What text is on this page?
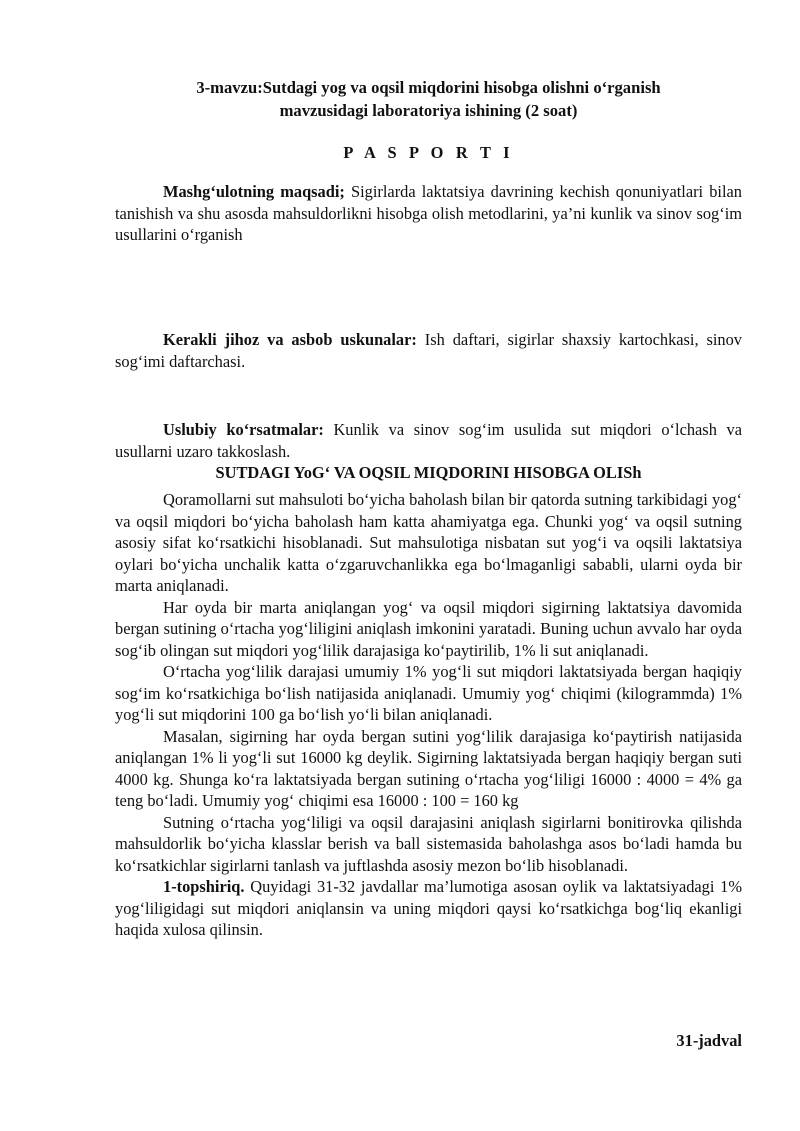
3-mavzu:Sutdagi yog va oqsil miqdorini hisobga olishni o‘rganish
mavzusidagi laboratoriya ishining (2 soat)
P A S P O R T I

Mashg‘ulotning maqsadi; Sigirlarda laktatsiya davrining kechish qonuniyatlari bilan tanishish va shu asosda mahsuldorlikni hisobga olish metodlarini, ya’ni kunlik va sinov sog‘im usullarini o‘rganish

Kerakli jihoz va asbob uskunalar: Ish daftari, sigirlar shaxsiy kartochkasi, sinov sog‘imi daftarchasi.

Uslubiy ko‘rsatmalar: Kunlik va sinov sog‘im usulida sut miqdori o‘lchash va usullarni uzaro takkoslash.

SUTDAGI YoG‘ VA OQSIL MIQDORINI HISOBGA OLISh

Qoramollarni sut mahsuloti bo‘yicha baholash bilan bir qatorda sutning tarkibidagi yog‘ va oqsil miqdori bo‘yicha baholash ham katta ahamiyatga ega. Chunki yog‘ va oqsil sutning asosiy sifat ko‘rsatkichi hisoblanadi. Sut mahsulotiga nisbatan sut yog‘i va oqsili laktatsiya oylari bo‘yicha unchalik katta o‘zgaruvchanlikka ega bo‘lmaganligi sababli, ularni oyda bir marta aniqlanadi.

Har oyda bir marta aniqlangan yog‘ va oqsil miqdori sigirning laktatsiya davomida bergan sutining o‘rtacha yog‘liligini aniqlash imkonini yaratadi. Buning uchun avvalo har oyda sog‘ib olingan sut miqdori yog‘lilik darajasiga ko‘paytirilib, 1% li sut aniqlanadi.

O‘rtacha yog‘lilik darajasi umumiy 1% yog‘li sut miqdori laktatsiyada bergan haqiqiy sog‘im ko‘rsatkichiga bo‘lish natijasida aniqlanadi. Umumiy yog‘ chiqimi (kilogrammda) 1% yog‘li sut miqdorini 100 ga bo‘lish yo‘li bilan aniqlanadi.

Masalan, sigirning har oyda bergan sutini yog‘lilik darajasiga ko‘paytirish natijasida aniqlangan 1% li yog‘li sut 16000 kg deylik. Sigirning laktatsiyada bergan haqiqiy bergan suti 4000 kg. Shunga ko‘ra laktatsiyada bergan sutining o‘rtacha yog‘liligi 16000 : 4000 = 4% ga teng bo‘ladi. Umumiy yog‘ chiqimi esa 16000 : 100 = 160 kg

Sutning o‘rtacha yog‘liligi va oqsil darajasini aniqlash sigirlarni bonitirovka qilishda mahsuldorlik bo‘yicha klasslar berish va ball sistemasida baholashga asos bo‘ladi hamda bu ko‘rsatkichlar sigirlarni tanlash va juftlashda asosiy mezon bo‘lib hisoblanadi.

1-topshiriq. Quyidagi 31-32 javdallar ma’lumotiga asosan oylik va laktatsiyadagi 1% yog‘liligidagi sut miqdori aniqlansin va uning miqdori qaysi ko‘rsatkichga bog‘liq ekanligi haqida xulosa qilinsin.

31-jadval
